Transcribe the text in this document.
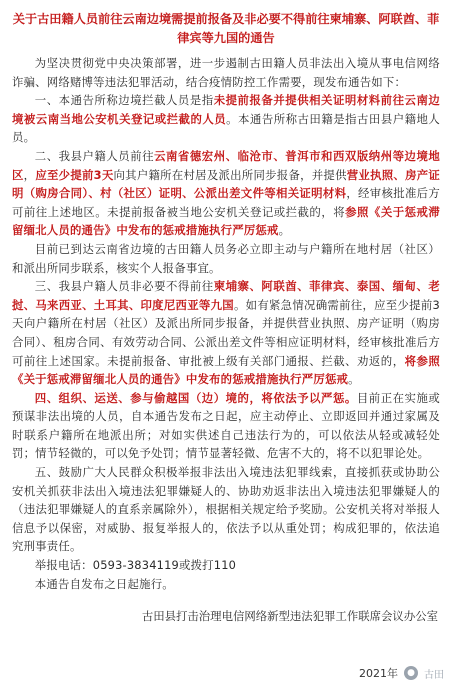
关于古田籍人员前往云南边境需提前报备及非必要不得前往柬埔寨、阿联酋、菲律宾等九国的通告

为坚决贯彻党中央决策部署，进一步遏制古田籍人员非法出入境从事电信网络诈骗、网络赌博等违法犯罪活动，结合疫情防控工作需要，现发布通告如下：

一、本通告所称边境拦截人员是指未提前报备并提供相关证明材料前往云南边境被云南当地公安机关登记或拦截的人员。本通告所称古田籍是指古田县户籍地人员。

二、我县户籍人员前往云南省德宏州、临沧市、普洱市和西双版纳州等边境地区，应至少提前3天向其户籍所在村居及派出所同步报备，并提供营业执照、房产证明（购房合同）、村（社区）证明、公派出差文件等相关证明材料，经审核批准后方可前往上述地区。未提前报备被当地公安机关登记或拦截的，将参照《关于惩戒滞留缅北人员的通告》中发布的惩戒措施执行严厉惩戒。

目前已到达云南省边境的古田籍人员务必立即主动与户籍所在地村居（社区）和派出所同步联系，核实个人报备事宜。

三、我县户籍人员非必要不得前往柬埔寨、阿联酋、菲律宾、泰国、缅甸、老挝、马来西亚、土耳其、印度尼西亚等九国。如有紧急情况确需前往，应至少提前3天向户籍所在村居（社区）及派出所同步报备，并提供营业执照、房产证明（购房合同）、租房合同、有效劳动合同、公派出差文件等相应证明材料，经审核批准后方可前往上述国家。未提前报备、审批被上级有关部门通报、拦截、劝返的，将参照《关于惩戒滞留缅北人员的通告》中发布的惩戒措施执行严厉惩戒。

四、组织、运送、参与偷越国（边）境的，将依法予以严惩。目前正在实施或预谋非法出境的人员，自本通告发布之日起，应主动停止、立即返回并通过家属及时联系户籍所在地派出所；对如实供述自己违法行为的，可以依法从轻或减轻处罚；情节轻微的，可以免予处罚；情节显著轻微、危害不大的，将不以犯罪论处。

五、鼓励广大人民群众积极举报非法出入境违法犯罪线索，直接抓获或协助公安机关抓获非法出入境违法犯罪嫌疑人的、协助劝返非法出入境违法犯罪嫌疑人的（违法犯罪嫌疑人的直系亲属除外），根据相关规定给予奖励。公安机关将对举报人信息予以保密，对威胁、报复举报人的，依法予以从重处罚；构成犯罪的，依法追究刑事责任。

举报电话：0593-3834119或拨打110

本通告自发布之日起施行。

古田县打击治理电信网络新型违法犯罪工作联席会议办公室
2021年	● 古田
